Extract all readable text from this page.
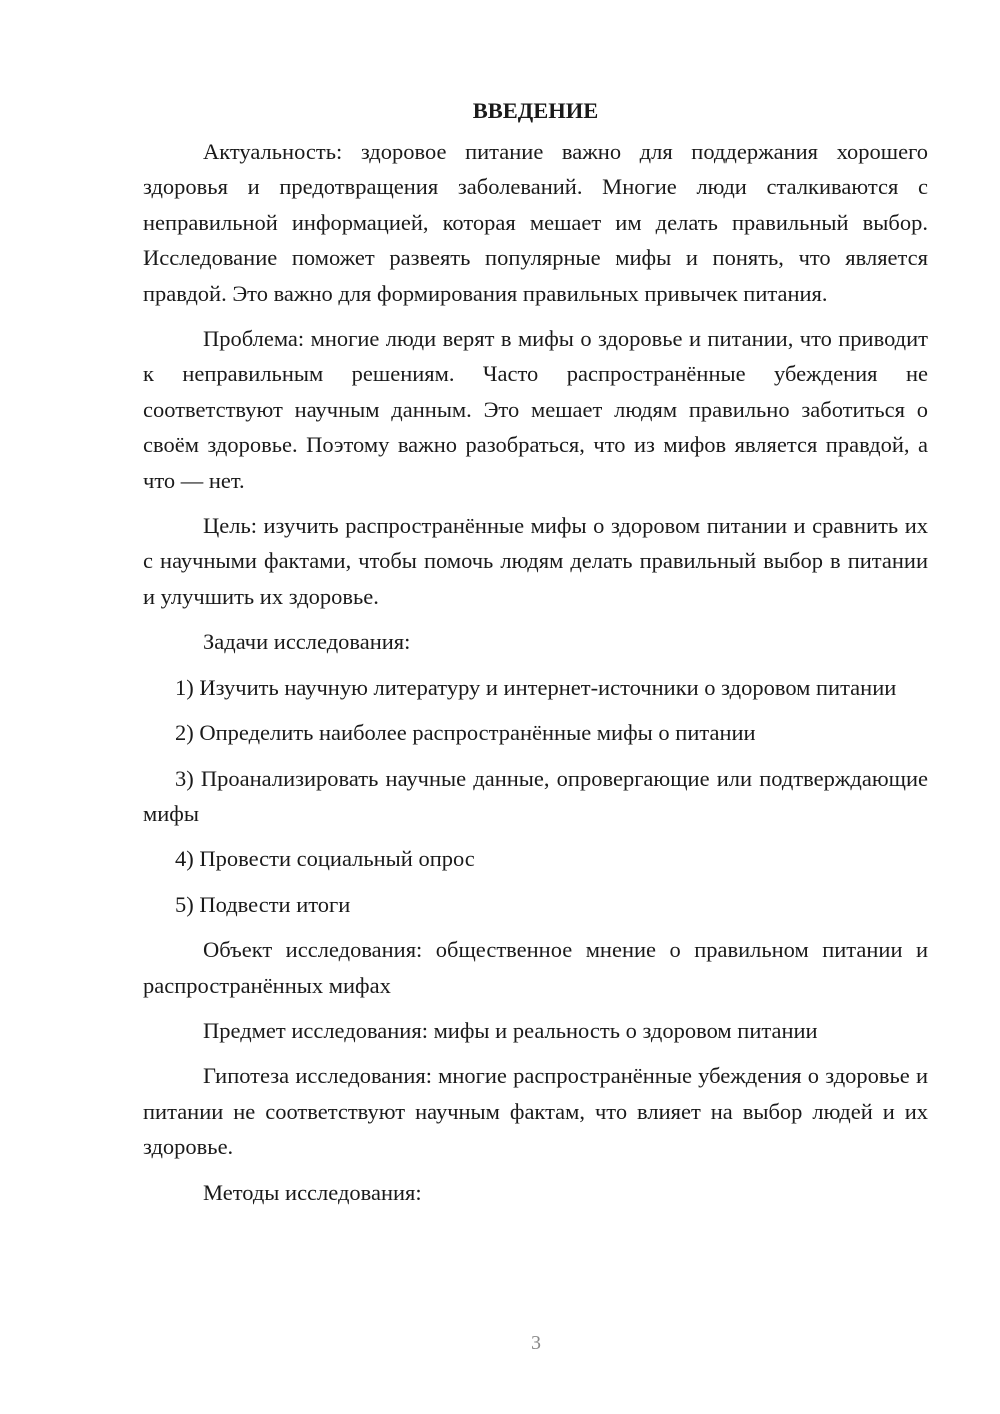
ВВЕДЕНИЕ

Актуальность: здоровое питание важно для поддержания хорошего здоровья и предотвращения заболеваний. Многие люди сталкиваются с неправильной информацией, которая мешает им делать правильный выбор. Исследование поможет развеять популярные мифы и понять, что является правдой. Это важно для формирования правильных привычек питания.

Проблема: многие люди верят в мифы о здоровье и питании, что приводит к неправильным решениям. Часто распространённые убеждения не соответствуют научным данным. Это мешает людям правильно заботиться о своём здоровье. Поэтому важно разобраться, что из мифов является правдой, а что — нет.

Цель: изучить распространённые мифы о здоровом питании и сравнить их с научными фактами, чтобы помочь людям делать правильный выбор в питании и улучшить их здоровье.

Задачи исследования:

1) Изучить научную литературу и интернет-источники о здоровом питании

2) Определить наиболее распространённые мифы о питании

3) Проанализировать научные данные, опровергающие или подтверждающие мифы

4) Провести социальный опрос

5) Подвести итоги

Объект исследования: общественное мнение о правильном питании и распространённых мифах

Предмет исследования: мифы и реальность о здоровом питании

Гипотеза исследования: многие распространённые убеждения о здоровье и питании не соответствуют научным фактам, что влияет на выбор людей и их здоровье.

Методы исследования:

3
